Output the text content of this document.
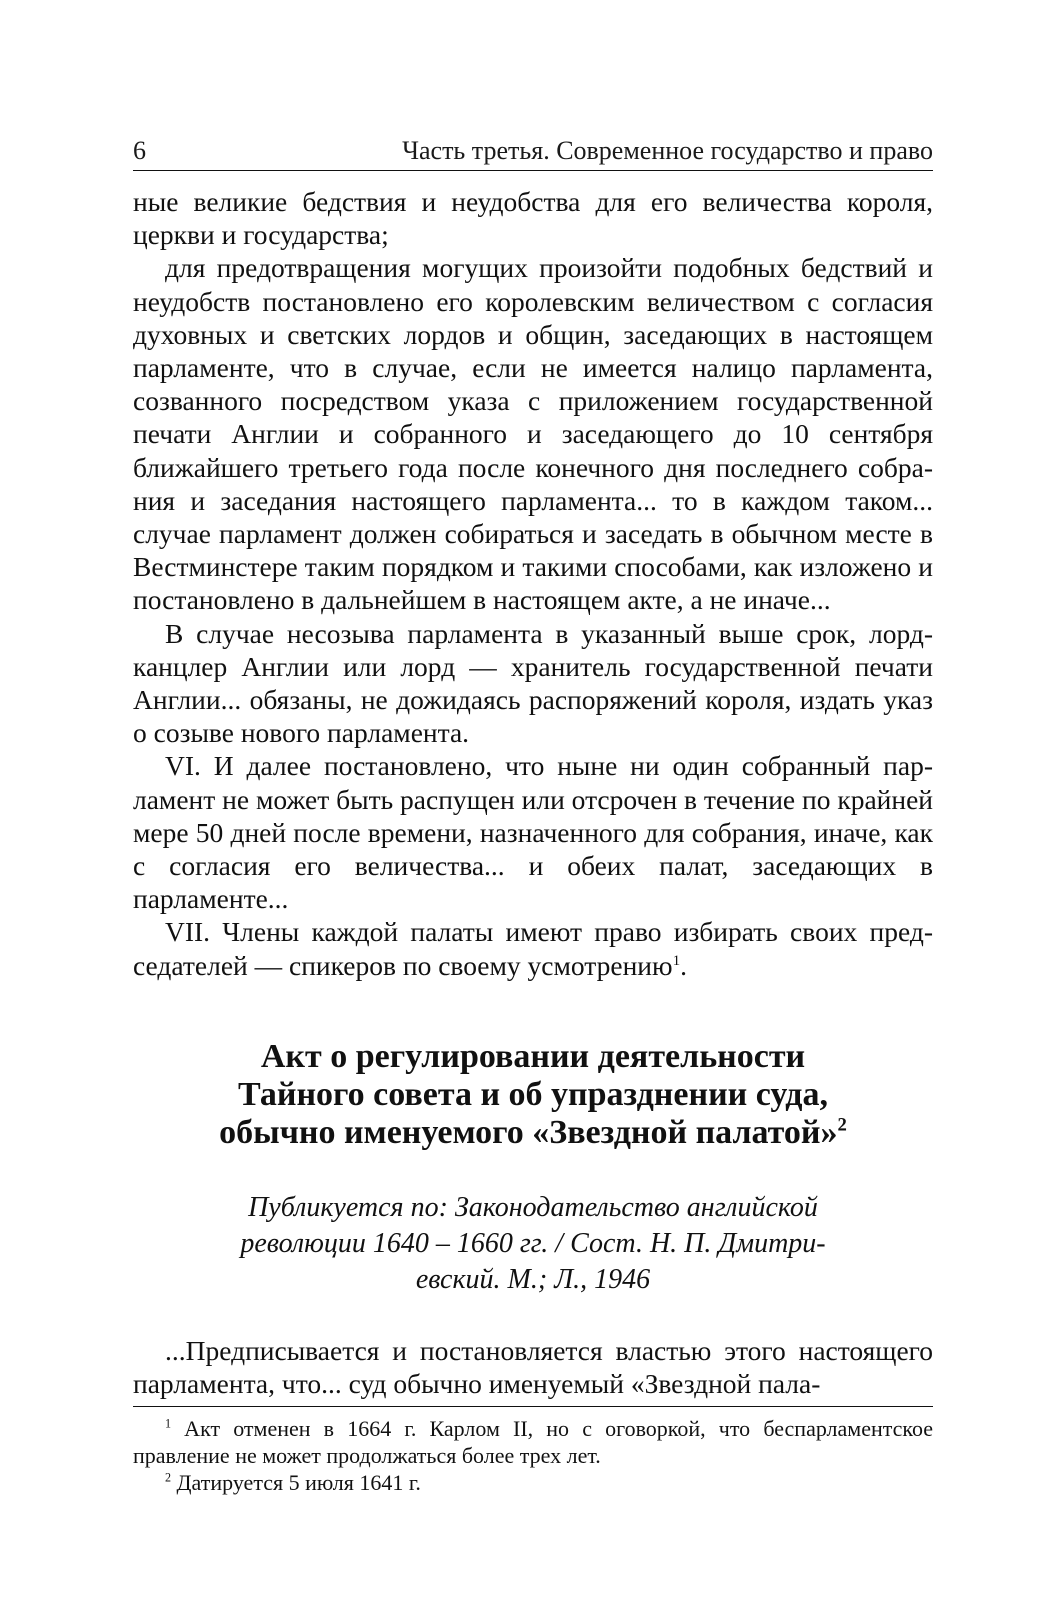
6	Часть третья. Современное государство и право

ные великие бедствия и неудобства для его величества короля, церкви и государства;

для предотвращения могущих произойти подобных бедствий и неудобств постановлено его королевским величеством с согласия духовных и светских лордов и общин, заседающих в настоящем парламенте, что в случае, если не имеется налицо парламента, созванного посредством указа с приложением государственной печати Англии и собранного и заседающего до 10 сентября ближайшего третьего года после конечного дня последнего собрания и заседания настоящего парламента... то в каждом таком... случае парламент должен собираться и заседать в обычном месте в Вестминстере таким порядком и такими способами, как изложено и постановлено в дальнейшем в настоящем акте, а не иначе...

В случае несозыва парламента в указанный выше срок, лорд-канцлер Англии или лорд — хранитель государственной печати Англии... обязаны, не дожидаясь распоряжений короля, издать указ о созыве нового парламента.

VI. И далее постановлено, что ныне ни один собранный парламент не может быть распущен или отсрочен в течение по крайней мере 50 дней после времени, назначенного для собрания, иначе, как с согласия его величества... и обеих палат, заседающих в парламенте...

VII. Члены каждой палаты имеют право избирать своих председателей — спикеров по своему усмотрению$^1$.

Акт о регулировании деятельности
Тайного совета и об упразднении суда,
обычно именуемого «Звездной палатой»$^2$
Публикуется по: Законодательство английской
революции 1640 – 1660 гг. / Сост. Н. П. Дмитри-
евский. М.; Л., 1946

...Предписывается и постановляется властью этого настоящего парламента, что... суд обычно именуемый «Звездной пала-

$^1$ Акт отменен в 1664 г. Карлом II, но с оговоркой, что беспарламентское правление не может продолжаться более трех лет.

$^2$ Датируется 5 июля 1641 г.
